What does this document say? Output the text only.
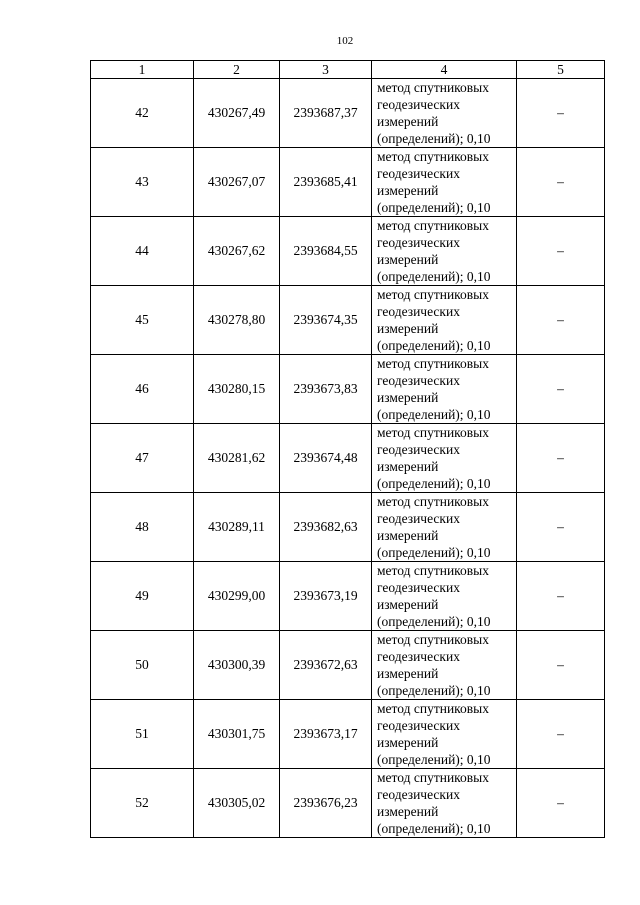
102
1	2	3	4	5
42	430267,49	2393687,37	метод спутниковых
геодезических
измерений
(определений); 0,10	–
43	430267,07	2393685,41	метод спутниковых
геодезических
измерений
(определений); 0,10	–
44	430267,62	2393684,55	метод спутниковых
геодезических
измерений
(определений); 0,10	–
45	430278,80	2393674,35	метод спутниковых
геодезических
измерений
(определений); 0,10	–
46	430280,15	2393673,83	метод спутниковых
геодезических
измерений
(определений); 0,10	–
47	430281,62	2393674,48	метод спутниковых
геодезических
измерений
(определений); 0,10	–
48	430289,11	2393682,63	метод спутниковых
геодезических
измерений
(определений); 0,10	–
49	430299,00	2393673,19	метод спутниковых
геодезических
измерений
(определений); 0,10	–
50	430300,39	2393672,63	метод спутниковых
геодезических
измерений
(определений); 0,10	–
51	430301,75	2393673,17	метод спутниковых
геодезических
измерений
(определений); 0,10	–
52	430305,02	2393676,23	метод спутниковых
геодезических
измерений
(определений); 0,10	–
